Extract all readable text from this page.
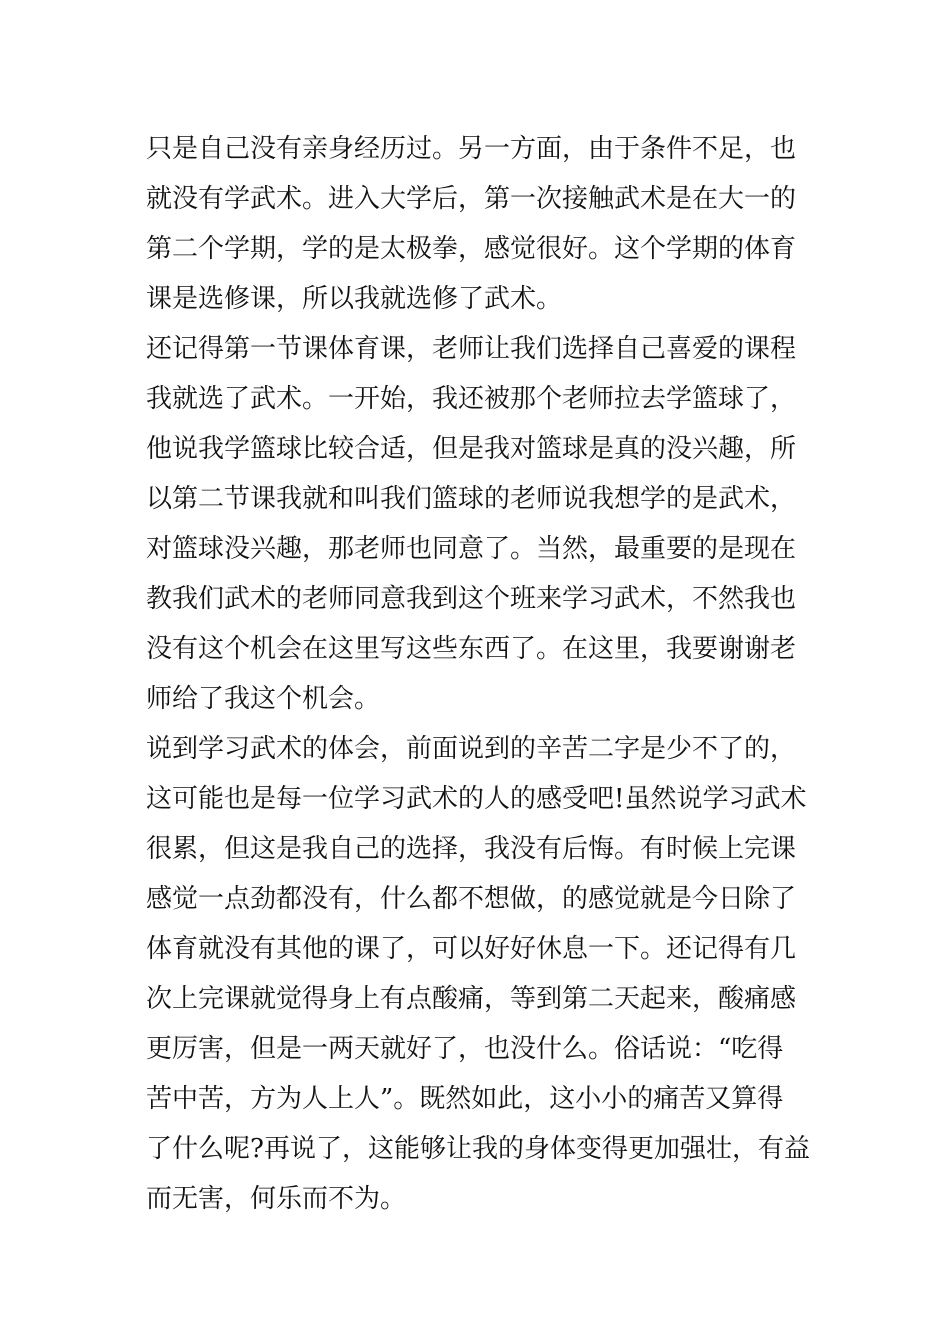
只是自己没有亲身经历过。另一方面，由于条件不足，也
就没有学武术。进入大学后，第一次接触武术是在大一的
第二个学期，学的是太极拳，感觉很好。这个学期的体育
课是选修课，所以我就选修了武术。
还记得第一节课体育课，老师让我们选择自己喜爱的课程
我就选了武术。一开始，我还被那个老师拉去学篮球了，
他说我学篮球比较合适，但是我对篮球是真的没兴趣，所
以第二节课我就和叫我们篮球的老师说我想学的是武术，
对篮球没兴趣，那老师也同意了。当然，最重要的是现在
教我们武术的老师同意我到这个班来学习武术，不然我也
没有这个机会在这里写这些东西了。在这里，我要谢谢老
师给了我这个机会。
说到学习武术的体会，前面说到的辛苦二字是少不了的，
这可能也是每一位学习武术的人的感受吧!虽然说学习武术
很累，但这是我自己的选择，我没有后悔。有时候上完课
感觉一点劲都没有，什么都不想做，的感觉就是今日除了
体育就没有其他的课了，可以好好休息一下。还记得有几
次上完课就觉得身上有点酸痛，等到第二天起来，酸痛感
更厉害，但是一两天就好了，也没什么。俗话说：“吃得
苦中苦，方为人上人”。既然如此，这小小的痛苦又算得
了什么呢?再说了，这能够让我的身体变得更加强壮，有益
而无害，何乐而不为。
